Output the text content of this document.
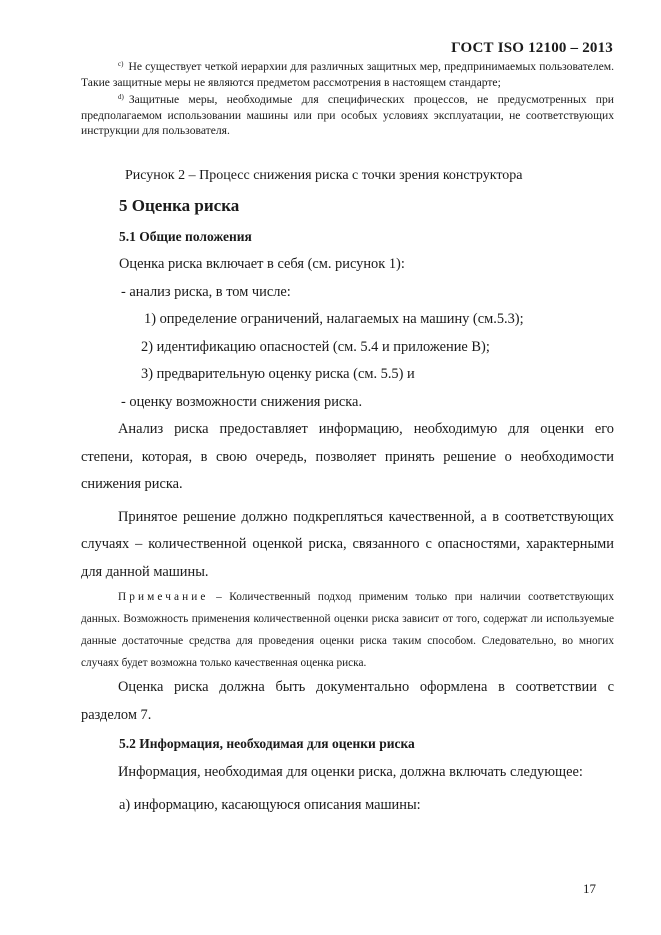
ГОСТ ISO 12100 – 2013

$^{c)}$ Не существует четкой иерархии для различных защитных мер, предпринимаемых пользователем. Такие защитные меры не являются предметом рассмотрения в настоящем стандарте;

$^{d)}$ Защитные меры, необходимые для специфических процессов, не предусмотренных при предполагаемом использовании машины или при особых условиях эксплуатации, не соответствующих инструкции для пользователя.

Рисунок 2 – Процесс снижения риска с точки зрения конструктора
5 Оценка риска
5.1 Общие положения

Оценка риска включает в себя (см. рисунок 1):

- анализ риска, в том числе:

1) определение ограничений, налагаемых на машину (см.5.3);

2) идентификацию опасностей (см. 5.4 и приложение В);

3) предварительную оценку риска (см. 5.5) и

- оценку возможности снижения риска.

Анализ риска предоставляет информацию, необходимую для оценки его степени, которая, в свою очередь, позволяет принять решение о необходимости снижения риска.

Принятое решение должно подкрепляться качественной, а в соответствующих случаях – количественной оценкой риска, связанного с опасностями, характерными для данной машины.

Примечание – Количественный подход применим только при наличии соответствующих данных. Возможность применения количественной оценки риска зависит от того, содержат ли используемые данные достаточные средства для проведения оценки риска таким способом. Следовательно, во многих случаях будет возможна только качественная оценка риска.

Оценка риска должна быть документально оформлена в соответствии с разделом 7.

5.2 Информация, необходимая для оценки риска

Информация, необходимая для оценки риска, должна включать следующее:

а) информацию, касающуюся описания машины:

17
